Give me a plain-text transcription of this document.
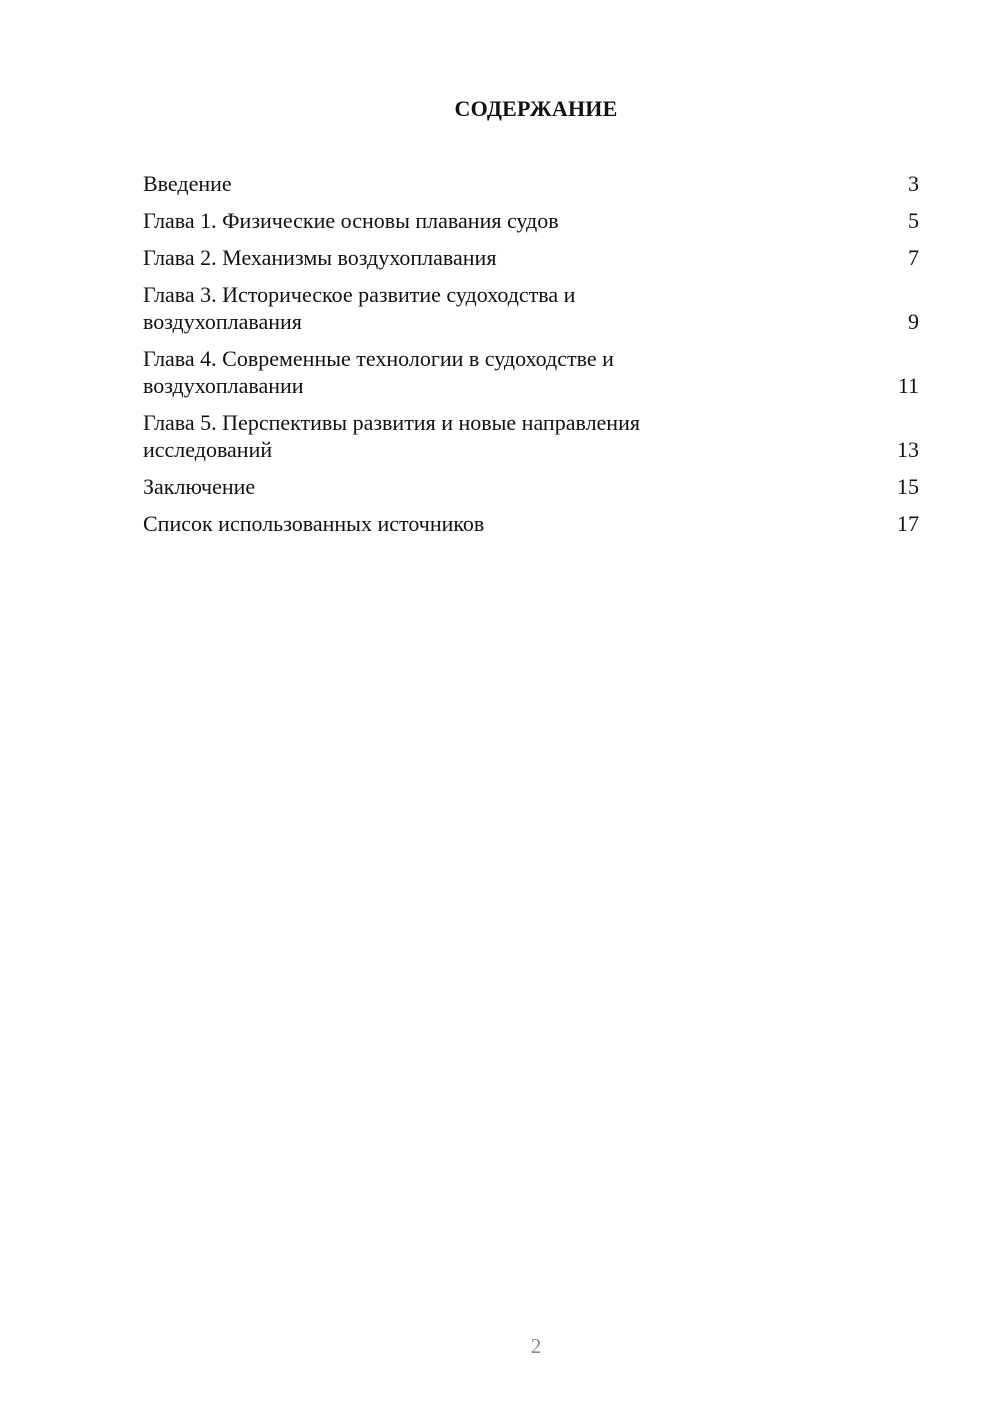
СОДЕРЖАНИЕ
Введение	3
Глава 1. Физические основы плавания судов	5
Глава 2. Механизмы воздухоплавания	7
Глава 3. Историческое развитие судоходства и воздухоплавания	9
Глава 4. Современные технологии в судоходстве и воздухоплавании	11
Глава 5. Перспективы развития и новые направления исследований	13
Заключение	15
Список использованных источников	17
2
